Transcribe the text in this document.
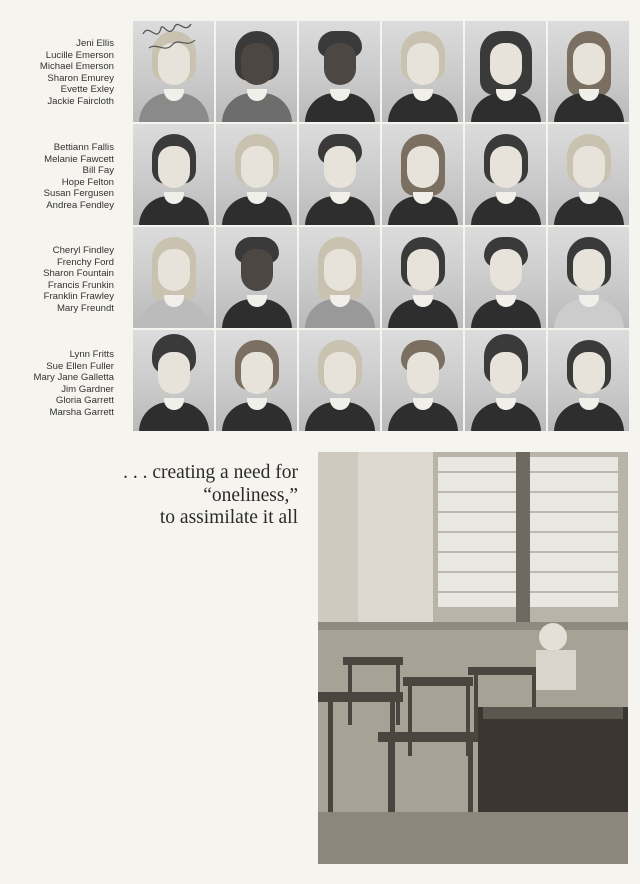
Jeni Ellis
Lucille Emerson
Michael Emerson
Sharon Emurey
Evette Exley
Jackie Faircloth
Bettiann Fallis
Melanie Fawcett
Bill Fay
Hope Felton
Susan Fergusen
Andrea Fendley
Cheryl Findley
Frenchy Ford
Sharon Fountain
Francis Frunkin
Franklin Frawley
Mary Freundt
Lynn Fritts
Sue Ellen Fuller
Mary Jane Galletta
Jim Gardner
Gloria Garrett
Marsha Garrett
. . . creating a need for
“oneliness,”
to assimilate it all
